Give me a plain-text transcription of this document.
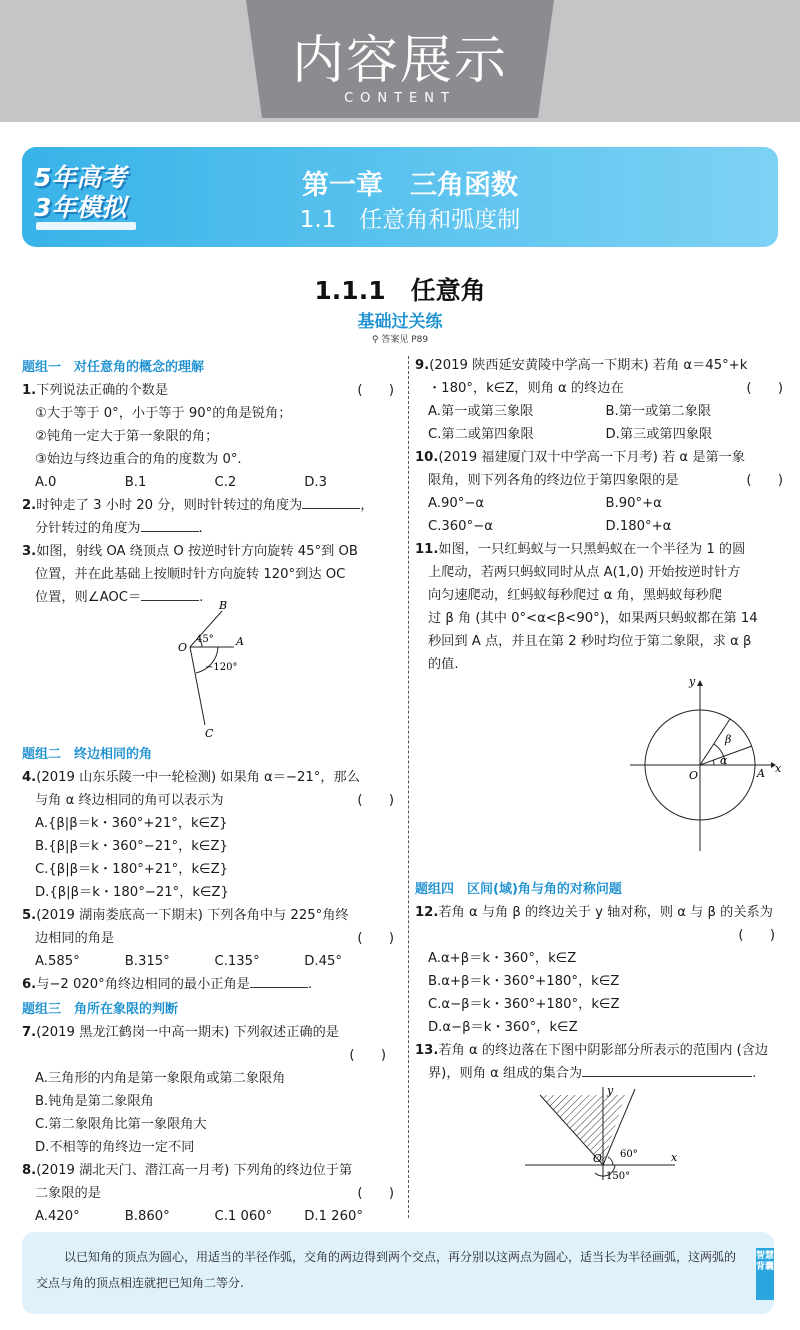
内容展示
CONTENT
5年高考
3年模拟
第一章　三角函数
1.1　任意角和弧度制
1.1.1　任意角
基础过关练
⚲ 答案见 P89
题组一　对任意角的概念的理解
1.下列说法正确的个数是	(　　)
①大于等于 0°，小于等于 90°的角是锐角；
②钝角一定大于第一象限的角；
③始边与终边重合的角的度数为 0°.
A.0	B.1	C.2	D.3
2.时钟走了 3 小时 20 分，则时针转过的角度为	，
分针转过的角度为	.
3.如图，射线 OA 绕顶点 O 按逆时针方向旋转 45°到 OB
位置，并在此基础上按顺时针方向旋转 120°到达 OC
位置，则∠AOC＝	.
B
O	A
C
45°
−120°
题组二　终边相同的角
4.(2019 山东乐陵一中一轮检测) 如果角 α＝−21°，那么
与角 α 终边相同的角可以表示为	(　　)
A.{β|β＝k・360°+21°，k∈Z}
B.{β|β＝k・360°−21°，k∈Z}
C.{β|β＝k・180°+21°，k∈Z}
D.{β|β＝k・180°−21°，k∈Z}
5.(2019 湖南娄底高一下期末) 下列各角中与 225°角终
边相同的角是	(　　)
A.585°	B.315°	C.135°	D.45°
6.与−2 020°角终边相同的最小正角是	.
题组三　角所在象限的判断
7.(2019 黑龙江鹤岗一中高一期末) 下列叙述正确的是
(　　)
A.三角形的内角是第一象限角或第二象限角
B.钝角是第二象限角
C.第二象限角比第一象限角大
D.不相等的角终边一定不同
8.(2019 湖北天门、潜江高一月考) 下列角的终边位于第
二象限的是	(　　)
A.420°	B.860°	C.1 060°	D.1 260°
9.(2019 陕西延安黄陵中学高一下期末) 若角 α＝45°+k
・180°，k∈Z，则角 α 的终边在	(　　)
A.第一或第三象限	B.第一或第二象限
C.第二或第四象限	D.第三或第四象限
10.(2019 福建厦门双十中学高一下月考) 若 α 是第一象
限角，则下列各角的终边位于第四象限的是	(　　)
A.90°−α	B.90°+α
C.360°−α	D.180°+α
11.如图，一只红蚂蚁与一只黑蚂蚁在一个半径为 1 的圆
上爬动，若两只蚂蚁同时从点 A(1,0) 开始按逆时针方
向匀速爬动，红蚂蚁每秒爬过 α 角，黑蚂蚁每秒爬
过 β 角 (其中 0°<α<β<90°)，如果两只蚂蚁都在第 14
秒回到 A 点，并且在第 2 秒时均位于第二象限，求 α β
的值.
y
x
O	A
α
β
题组四　区间(域)角与角的对称问题
12.若角 α 与角 β 的终边关于 y 轴对称，则 α 与 β 的关系为
(　　)
A.α+β＝k・360°，k∈Z
B.α+β＝k・360°+180°，k∈Z
C.α−β＝k・360°+180°，k∈Z
D.α−β＝k・360°，k∈Z
13.若角 α 的终边落在下图中阴影部分所表示的范围内 (含边
界)，则角 α 组成的集合为	.
x
y
O 60°
150°
以已知角的顶点为圆心，用适当的半径作弧，交角的两边得到两个交点，再分别以这两点为圆心，适当长为半径画弧，这两弧的交点与角的顶点相连就把已知角二等分.
智慧背囊
